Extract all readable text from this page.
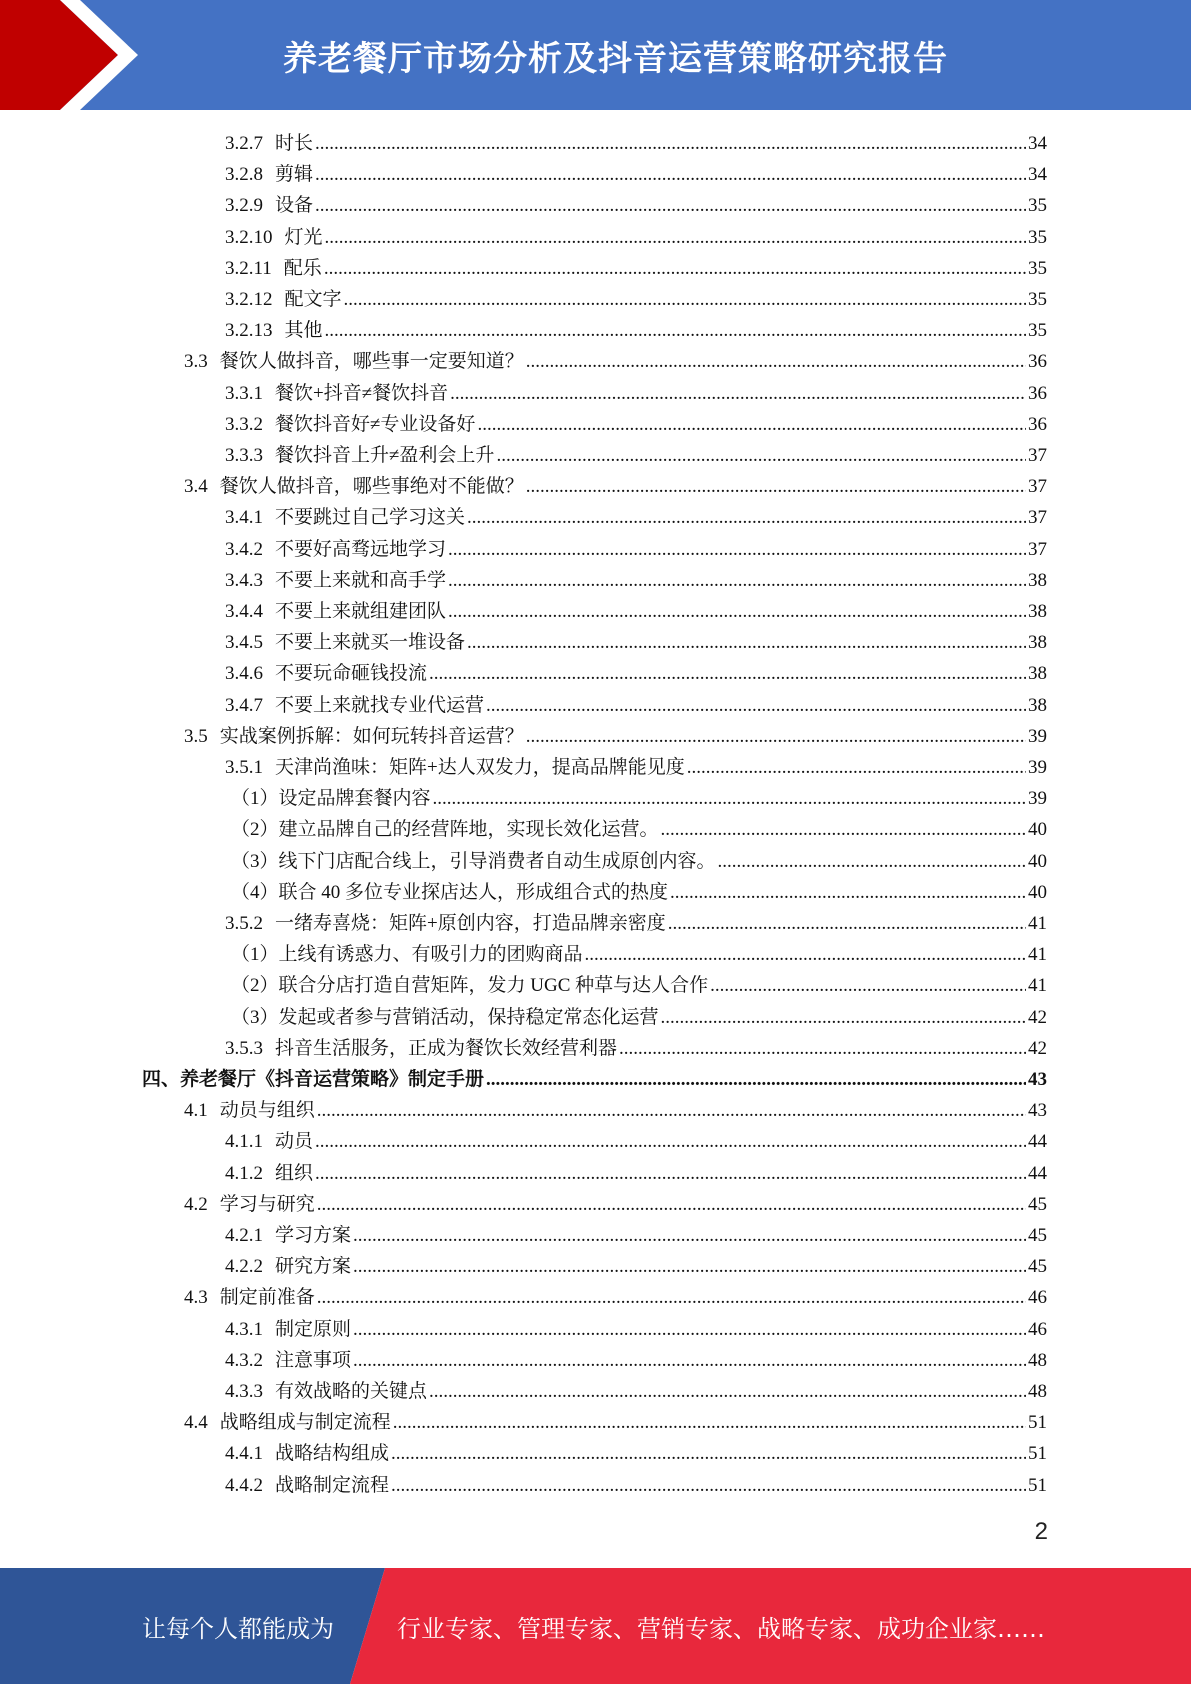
养老餐厅市场分析及抖音运营策略研究报告
3.2.7 时长 .....	34
3.2.8 剪辑 .....	34
3.2.9 设备 .....	35
3.2.10 灯光 .....	35
3.2.11 配乐 .....	35
3.2.12 配文字 .....	35
3.2.13 其他 .....	35
3.3 餐饮人做抖音，哪些事一定要知道？ .....	36
3.3.1 餐饮+抖音≠餐饮抖音 .....	36
3.3.2 餐饮抖音好≠专业设备好 .....	36
3.3.3 餐饮抖音上升≠盈利会上升 .....	37
3.4 餐饮人做抖音，哪些事绝对不能做？ .....	37
3.4.1 不要跳过自己学习这关 .....	37
3.4.2 不要好高骛远地学习 .....	37
3.4.3 不要上来就和高手学 .....	38
3.4.4 不要上来就组建团队 .....	38
3.4.5 不要上来就买一堆设备 .....	38
3.4.6 不要玩命砸钱投流 .....	38
3.4.7 不要上来就找专业代运营 .....	38
3.5 实战案例拆解：如何玩转抖音运营？ .....	39
3.5.1 天津尚渔味：矩阵+达人双发力，提高品牌能见度 .....	39
（1） 设定品牌套餐内容 .....	39
（2） 建立品牌自己的经营阵地，实现长效化运营。 .....	40
（3） 线下门店配合线上，引导消费者自动生成原创内容。 .....	40
（4） 联合 40 多位专业探店达人，形成组合式的热度 .....	40
3.5.2 一绪寿喜烧：矩阵+原创内容，打造品牌亲密度 .....	41
（1） 上线有诱惑力、有吸引力的团购商品 .....	41
（2） 联合分店打造自营矩阵，发力 UGC 种草与达人合作 .....	41
（3） 发起或者参与营销活动，保持稳定常态化运营 .....	42
3.5.3 抖音生活服务，正成为餐饮长效经营利器 .....	42
四、 养老餐厅《抖音运营策略》制定手册 .....	43
4.1 动员与组织 .....	43
4.1.1 动员 .....	44
4.1.2 组织 .....	44
4.2 学习与研究 .....	45
4.2.1 学习方案 .....	45
4.2.2 研究方案 .....	45
4.3 制定前准备 .....	46
4.3.1 制定原则 .....	46
4.3.2 注意事项 .....	48
4.3.3 有效战略的关键点 .....	48
4.4 战略组成与制定流程 .....	51
4.4.1 战略结构组成 .....	51
4.4.2 战略制定流程 .....	51
2
让每个人都能成为	行业专家、管理专家、营销专家、战略专家、成功企业家……
